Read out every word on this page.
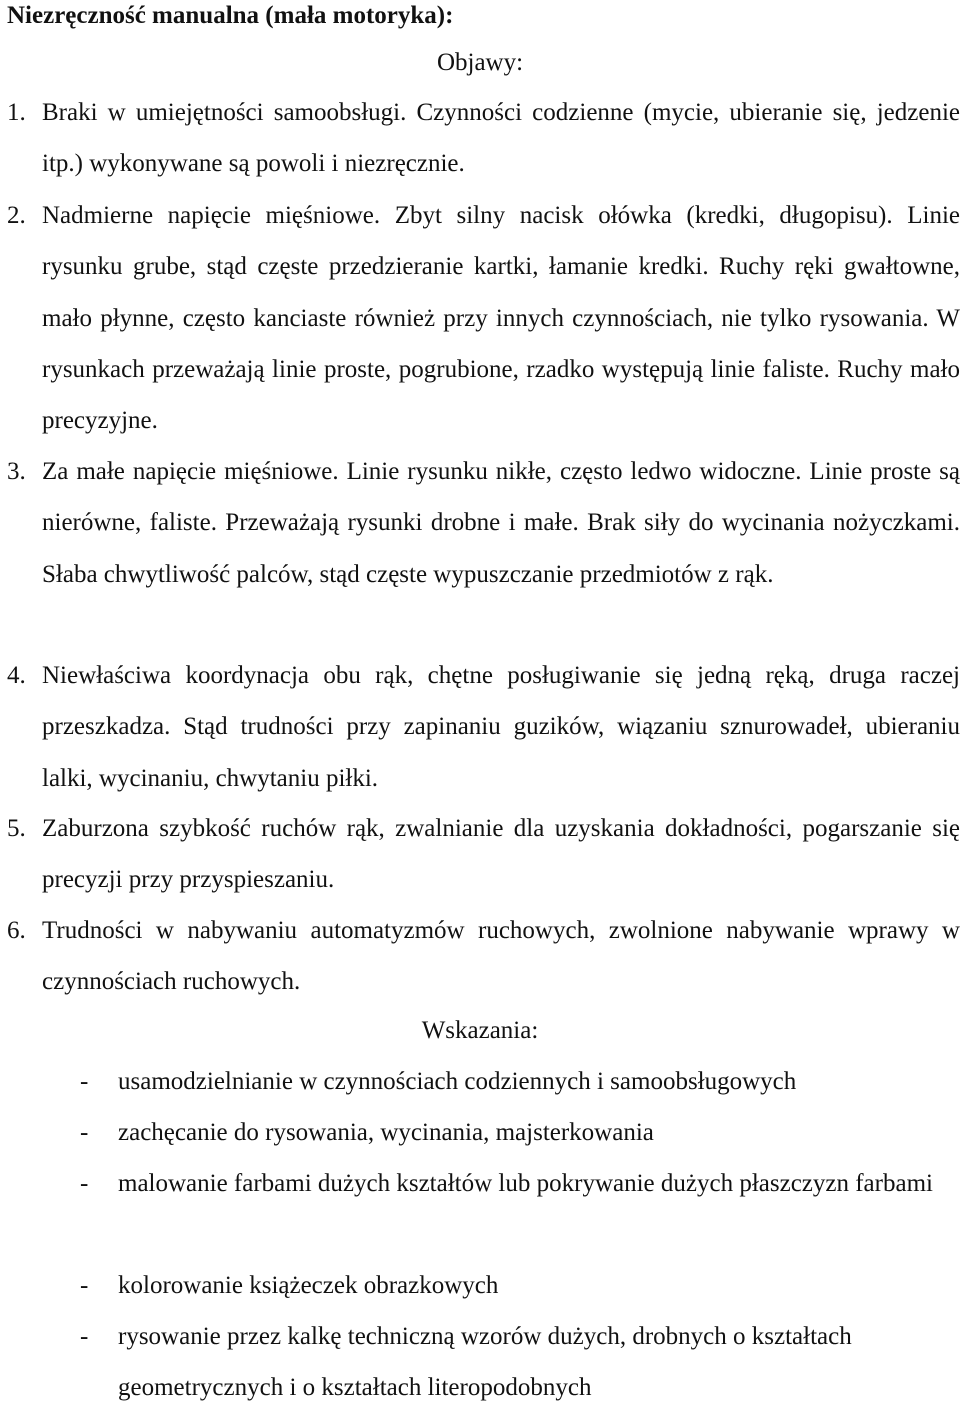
Niezręczność manualna (mała motoryka):
Objawy:
1. Braki w umiejętności samoobsługi. Czynności codzienne (mycie, ubieranie się, jedzenie itp.) wykonywane są powoli i niezręcznie.
2. Nadmierne napięcie mięśniowe. Zbyt silny nacisk ołówka (kredki, długopisu). Linie rysunku grube, stąd częste przedzieranie kartki, łamanie kredki. Ruchy ręki gwałtowne, mało płynne, często kanciaste również przy innych czynnościach, nie tylko rysowania. W rysunkach przeważają linie proste, pogrubione, rzadko występują linie faliste. Ruchy mało precyzyjne.
3. Za małe napięcie mięśniowe. Linie rysunku nikłe, często ledwo widoczne. Linie proste są nierówne, faliste. Przeważają rysunki drobne i małe. Brak siły do wycinania nożyczkami. Słaba chwytliwość palców, stąd częste wypuszczanie przedmiotów z rąk.
4. Niewłaściwa koordynacja obu rąk, chętne posługiwanie się jedną ręką, druga raczej przeszkadza. Stąd trudności przy zapinaniu guzików, wiązaniu sznurowadeł, ubieraniu lalki, wycinaniu, chwytaniu piłki.
5. Zaburzona szybkość ruchów rąk, zwalnianie dla uzyskania dokładności, pogarszanie się precyzji przy przyspieszaniu.
6. Trudności w nabywaniu automatyzmów ruchowych, zwolnione nabywanie wprawy w czynnościach ruchowych.
Wskazania:
- usamodzielnianie w czynnościach codziennych i samoobsługowych
- zachęcanie do rysowania, wycinania, majsterkowania
- malowanie farbami dużych kształtów lub pokrywanie dużych płaszczyzn farbami
- kolorowanie książeczek obrazkowych
- rysowanie przez kalkę techniczną wzorów dużych, drobnych o kształtach geometrycznych i o kształtach literopodobnych
